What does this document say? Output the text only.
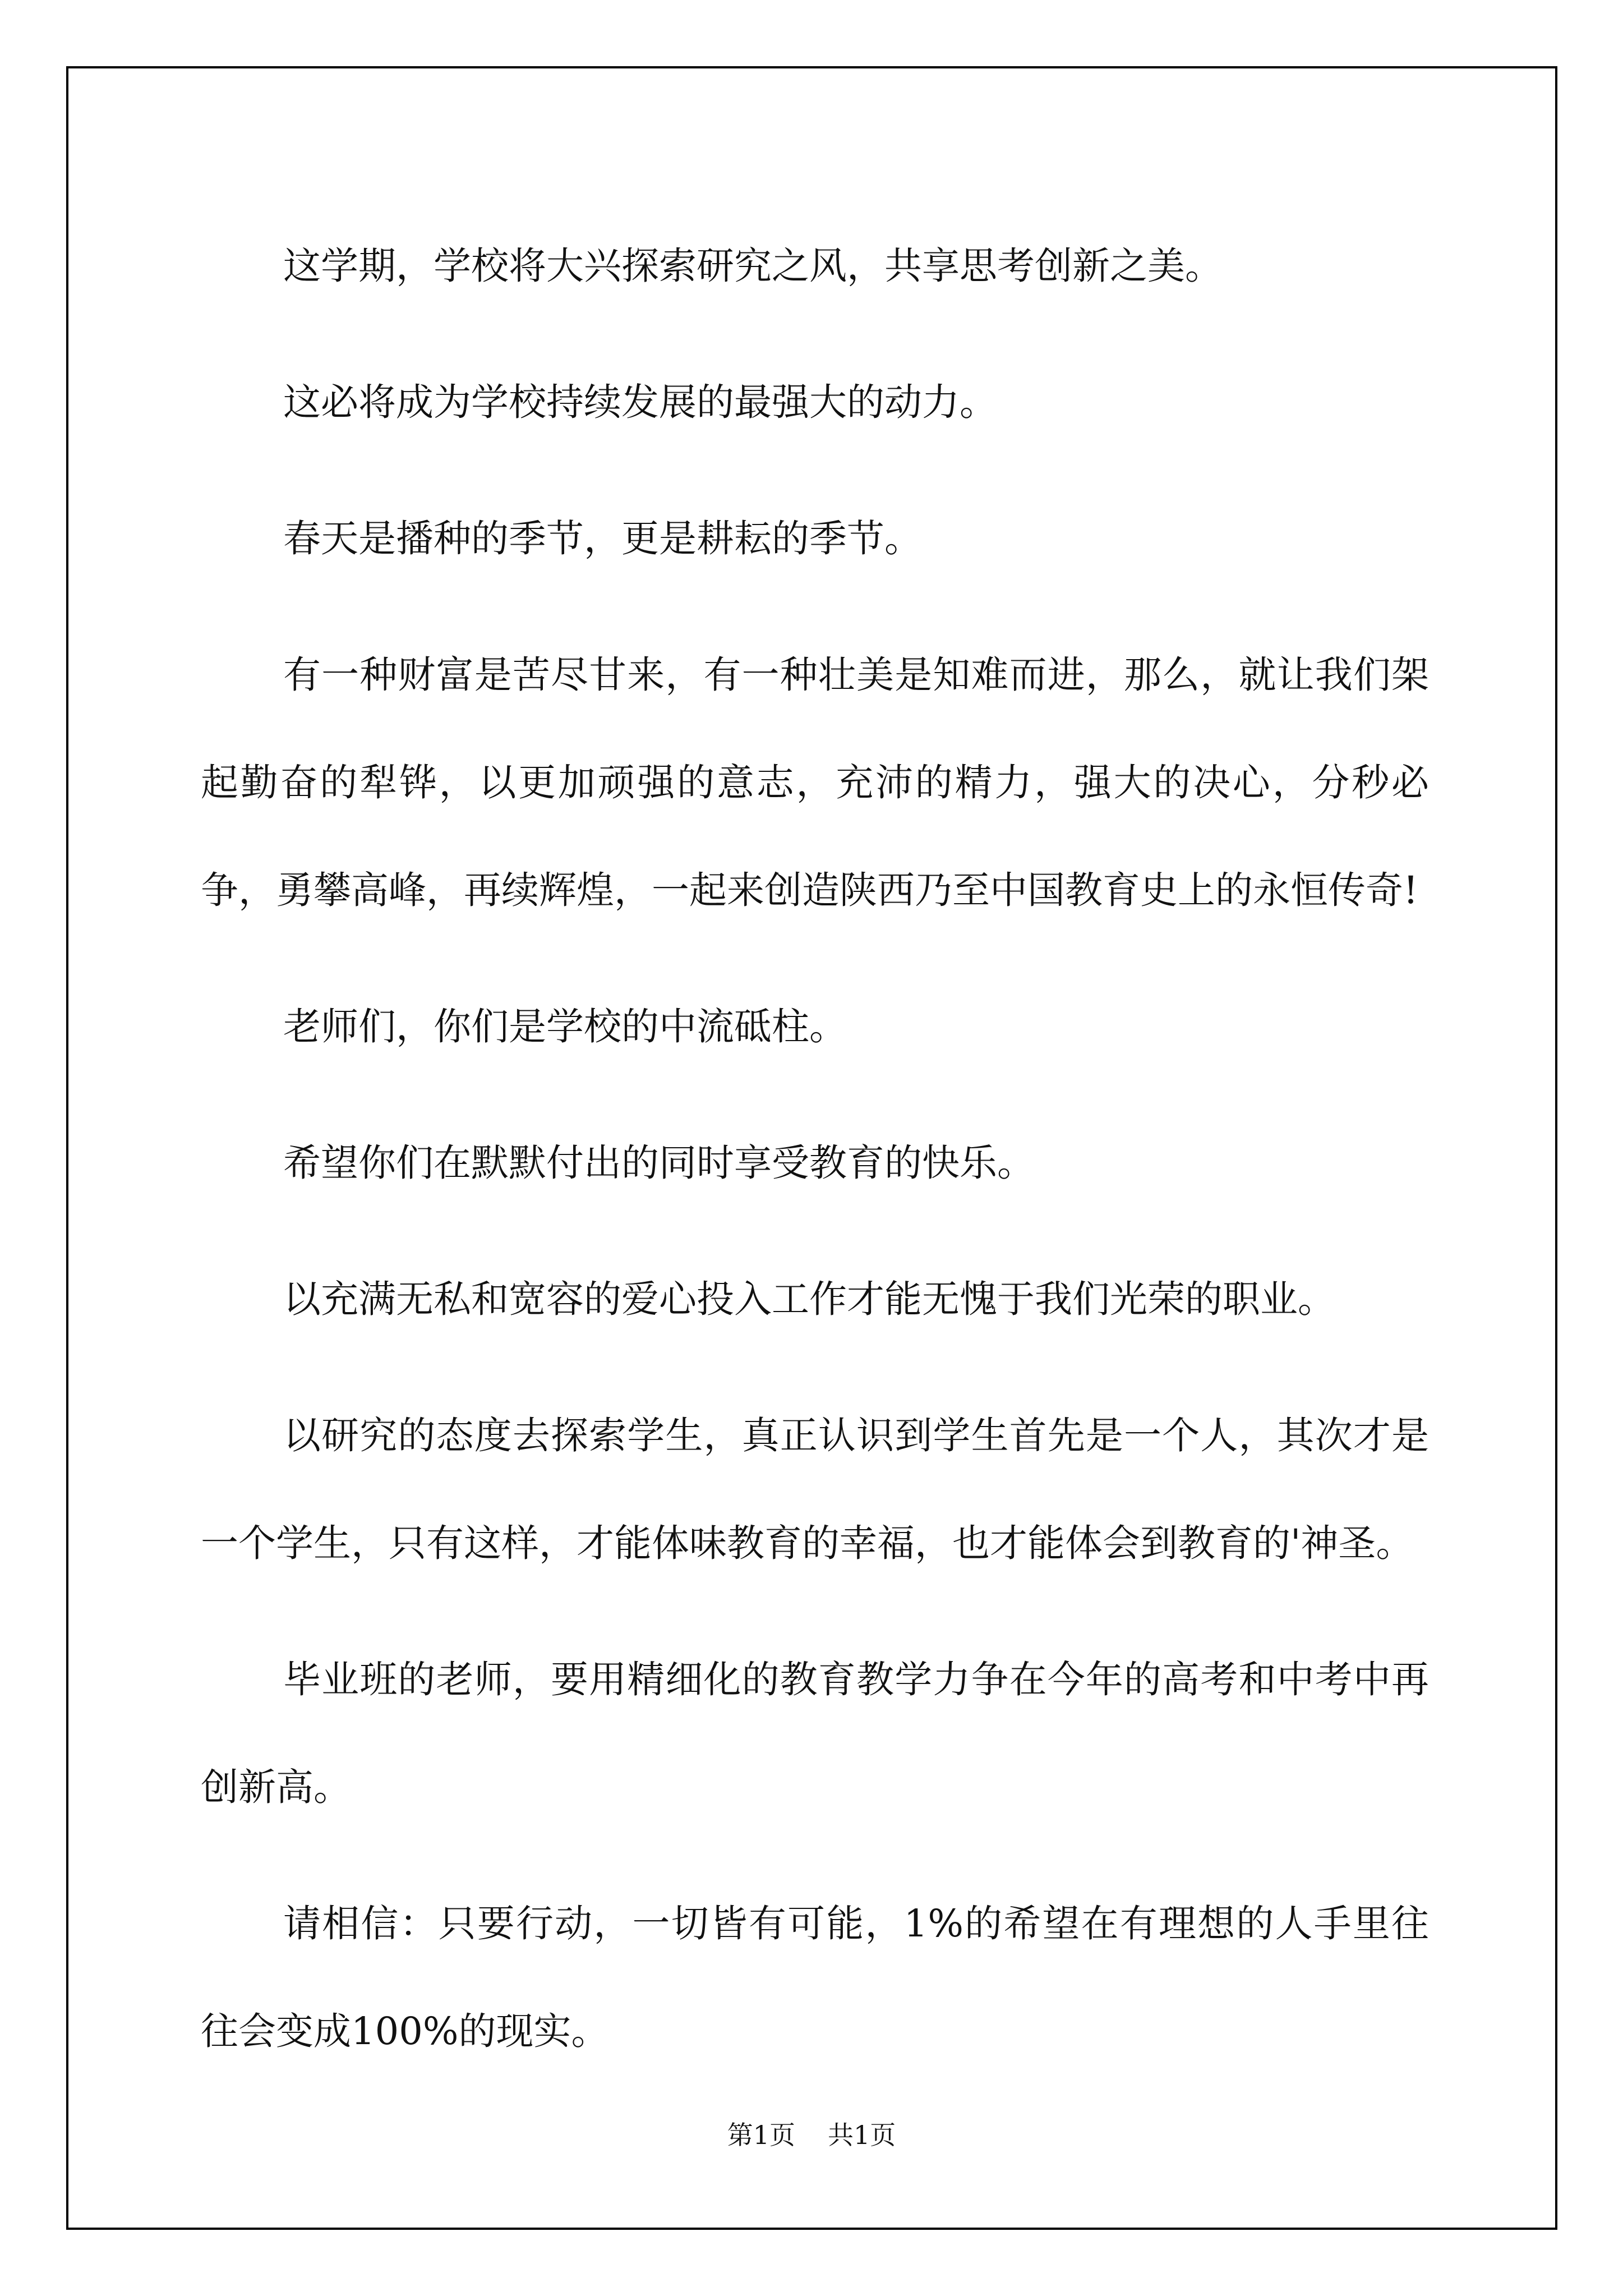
这学期，学校将大兴探索研究之风，共享思考创新之美。

这必将成为学校持续发展的最强大的动力。

春天是播种的季节，更是耕耘的季节。

有一种财富是苦尽甘来，有一种壮美是知难而进，那么，就让我们架起勤奋的犁铧，以更加顽强的意志，充沛的精力，强大的决心，分秒必争，勇攀高峰，再续辉煌，一起来创造陕西乃至中国教育史上的永恒传奇!

老师们，你们是学校的中流砥柱。

希望你们在默默付出的同时享受教育的快乐。

以充满无私和宽容的爱心投入工作才能无愧于我们光荣的职业。

以研究的态度去探索学生，真正认识到学生首先是一个人，其次才是一个学生，只有这样，才能体味教育的幸福，也才能体会到教育的'神圣。

毕业班的老师，要用精细化的教育教学力争在今年的高考和中考中再创新高。

请相信：只要行动，一切皆有可能，1%的希望在有理想的人手里往往会变成100%的现实。

第1页 共1页
